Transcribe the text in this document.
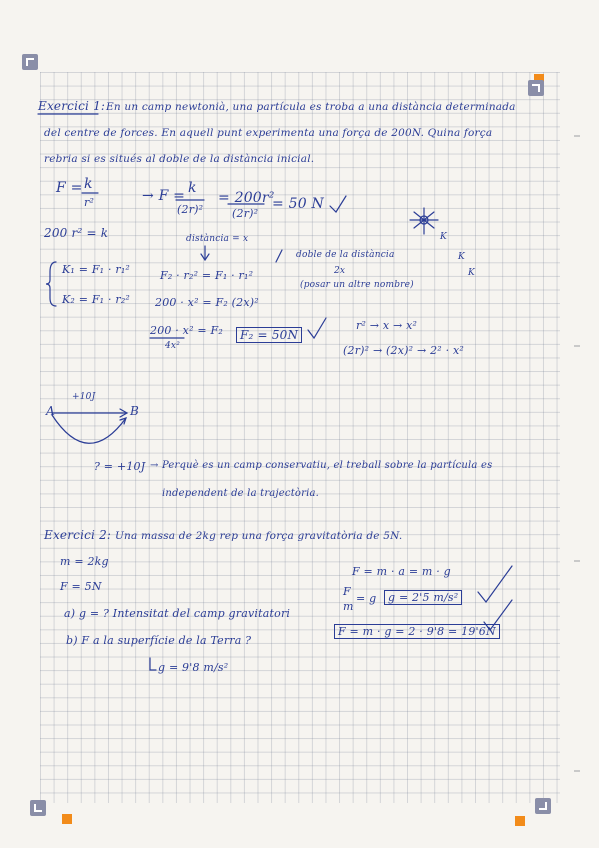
Exercici 1: En un camp newtonià, una partícula es troba a una distància determinada
del centre de forces. En aquell punt experimenta una força de 200N. Quina força
rebria si es situés al doble de la distància inicial.
F = k
r²	→ F = k
(2r)²
= 200r²
(2r)²
= 50 N
200 r² = k	distància = x
doble de la distància
2x
(posar un altre nombre)
K₁ = F₁ · r₁²
K₂ = F₁ · r₂²
F₂ · r₂² = F₁ · r₁²
200 · x² = F₂ (2x)²
200 · x² = F₂
4x²
F₂ = 50N
r² → x → x²
(2r)² → (2x)² → 2² · x²
K
K
K
+10J
A	B
? = +10J → Perquè es un camp conservatiu, el treball sobre la partícula es
independent de la trajectòria.
Exercici 2: Una massa de 2kg rep una força gravitatòria de 5N.
m = 2kg
F = 5N
a) g = ? Intensitat del camp gravitatori
b) F a la superfície de la Terra ?
g = 9'8 m/s²
F = m · a = m · g
F
m
= g	g = 2'5 m/s²
F = m · g = 2 · 9'8 = 19'6N
